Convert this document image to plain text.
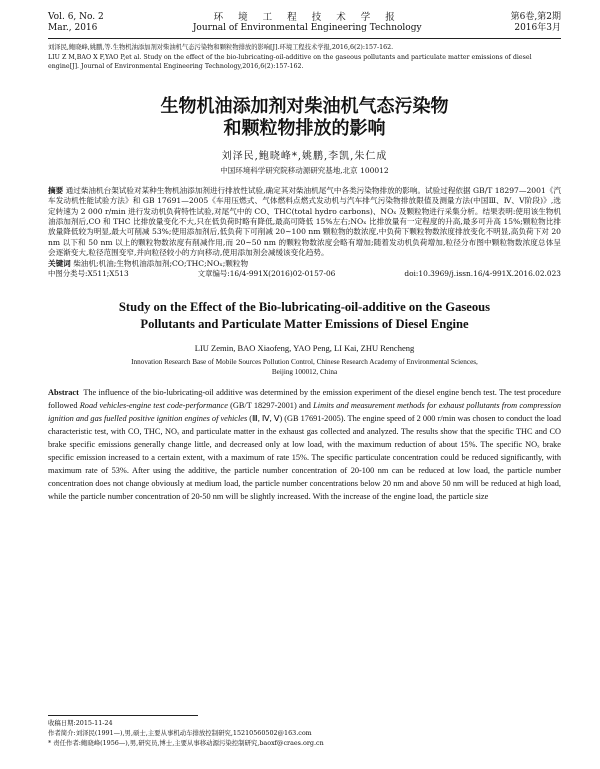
Vol. 6, No. 2
Mar., 2016
环 境 工 程 技 术 学 报
Journal of Environmental Engineering Technology
第6卷,第2期
2016年3月
刘泽民,鲍晓峰,姚鹏,等.生物机油添加剂对柴油机气态污染物和颗粒物排放的影响[J].环境工程技术学报,2016,6(2):157-162.
LIU Z M,BAO X F,YAO P,et al. Study on the effect of the bio-lubricating-oil-additive on the gaseous pollutants and particulate matter emissions of diesel
engine[J]. Journal of Environmental Engineering Technology,2016,6(2):157-162.
生物机油添加剂对柴油机气态污染物
和颗粒物排放的影响
刘泽民,鲍晓峰*,姚鹏,李凯,朱仁成
中国环境科学研究院移动源研究基地,北京 100012
摘要 通过柴油机台架试验对某种生物机油添加剂进行排放性试验,确定其对柴油机尾气中各类污染物排放的影响。试验过程依据 GB/T 18297—2001《汽车发动机性能试验方法》和 GB 17691—2005《车用压燃式、气体燃料点燃式发动机与汽车排气污染物排放限值及测量方法(中国Ⅲ、Ⅳ、Ⅴ阶段)》,选定转速为 2 000 r/min 进行发动机负荷特性试验,对尾气中的 CO、THC(total hydro carbons)、NOₓ 及颗粒物进行采集分析。结果表明:使用该生物机油添加剂后,CO 和 THC 比排放量变化不大,只在低负荷时略有降低,最高可降低 15%左右;NOₓ 比排放量有一定程度的升高,最多可升高 15%;颗粒物比排放量降低较为明显,最大可削减 53%;使用添加剂后,低负荷下可削减 20~100 nm 颗粒物的数浓度,中负荷下颗粒物数浓度排放变化不明显,高负荷下对 20 nm 以下和 50 nm 以上的颗粒物数浓度有削减作用,而 20~50 nm 的颗粒物数浓度会略有增加;随着发动机负荷增加,粒径分布图中颗粒物数浓度总体呈会逐渐变大,粒径范围变窄,并向粒径较小的方向移动,使用添加剂会减缓该变化趋势。
关键词 柴油机;机油;生物机油添加剂;CO;THC;NOₓ;颗粒物
中图分类号:X511;X513	文章编号:16/4-991X(2016)02-0157-06	doi:10.3969/j.issn.16/4-991X.2016.02.023
Study on the Effect of the Bio-lubricating-oil-additive on the Gaseous
Pollutants and Particulate Matter Emissions of Diesel Engine
LIU Zemin, BAO Xiaofeng, YAO Peng, LI Kai, ZHU Rencheng
Innovation Research Base of Mobile Sources Pollution Control, Chinese Research Academy of Environmental Sciences,
Beijing 100012, China
Abstract The influence of the bio-lubricating-oil additive was determined by the emission experiment of the diesel engine bench test. The test procedure followed Road vehicles-engine test code-performance (GB/T 18297-2001) and Limits and measurement methods for exhaust pollutants from compression ignition and gas fuelled positive ignition engines of vehicles (Ⅲ, Ⅳ, Ⅴ) (GB 17691-2005). The engine speed of 2 000 r/min was chosen to conduct the load characteristic test, with CO, THC, NOₓ and particulate matter in the exhaust gas collected and analyzed. The results show that the specific THC and CO brake specific emissions generally change little, and decreased only at low load, with the maximum reduction of about 15%. The specific NOₓ brake specific emission increased to a certain extent, with a maximum of rate 15%. The specific particulate concentration could be reduced significantly, with maximum rate of 53%. After using the additive, the particle number concentration of 20-100 nm can be reduced at low load, the particle number concentration does not change obviously at medium load, the particle number concentrations below 20 nm and above 50 nm will be reduced at high load, while the particle number concentration of 20-50 nm will be slightly increased. With the increase of the engine load, the particle size
收稿日期:2015-11-24
作者简介:刘泽民(1991—),男,硕士,主要从事机动车排放控制研究,15210560502@163.com
* 责任作者:鲍晓峰(1956—),男,研究员,博士,主要从事移动源污染控制研究,baoxf@craes.org.cn
